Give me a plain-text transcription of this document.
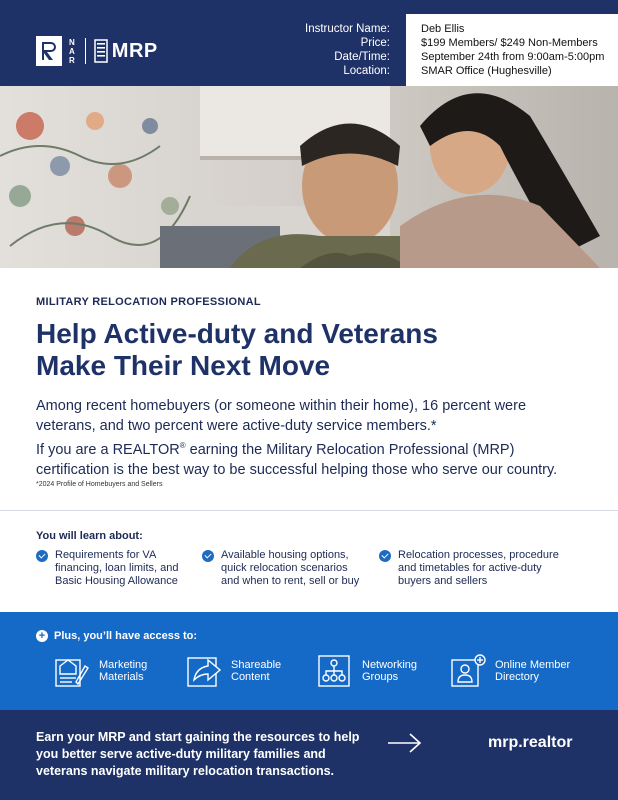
N
A
R MRP
Instructor Name:
Price:
Date/Time:
Location:
Deb Ellis
$199 Members/ $249 Non-Members
September 24th from 9:00am-5:00pm
SMAR Office (Hughesville)
MILITARY RELOCATION PROFESSIONAL
Help Active-duty and Veterans
Make Their Next Move
Among recent homebuyers (or someone within their home), 16 percent were
veterans, and two percent were active-duty service members.*
If you are a REALTOR® earning the Military Relocation Professional (MRP)
certification is the best way to be successful helping those who serve our country.
*2024 Profile of Homebuyers and Sellers
You will learn about:
Requirements for VA
financing, loan limits, and
Basic Housing Allowance
Available housing options,
quick relocation scenarios
and when to rent, sell or buy
Relocation processes, procedure
and timetables for active-duty
buyers and sellers
+ Plus, you’ll have access to:
Marketing
Materials
Shareable
Content
Networking
Groups
Online Member
Directory
Earn your MRP and start gaining the resources to help
you better serve active-duty military families and
veterans navigate military relocation transactions.
mrp.realtor
